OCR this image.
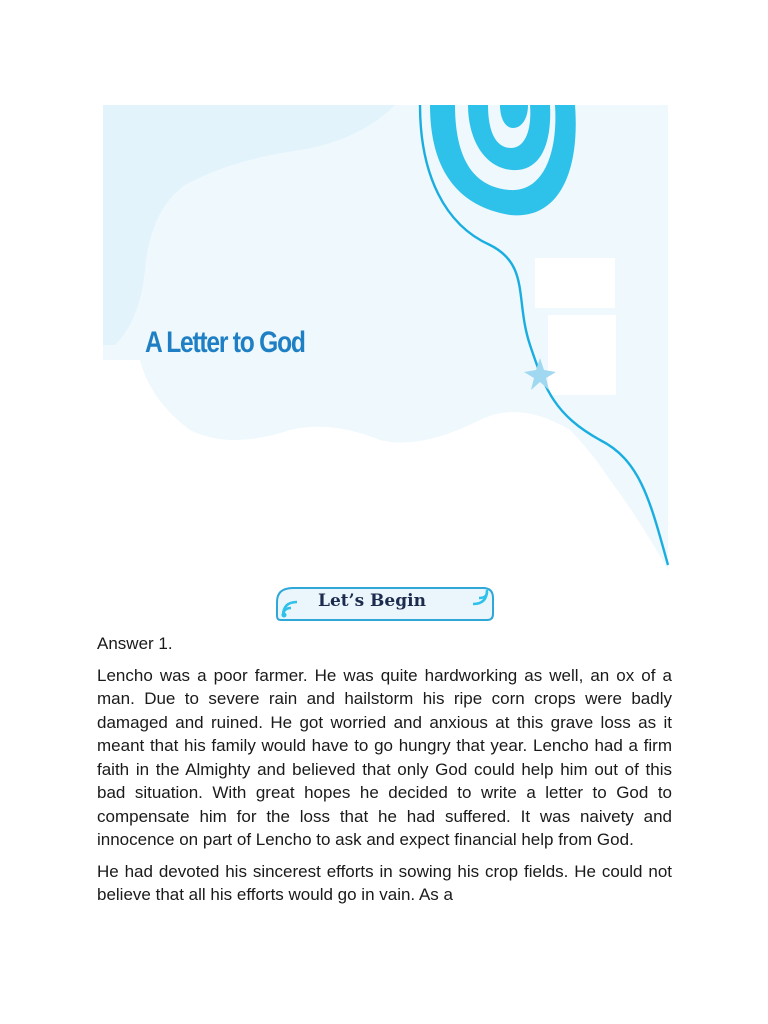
A Letter to God
Let’s Begin

Answer 1.

Lencho was a poor farmer. He was quite hardworking as well, an ox of a man. Due to severe rain and hailstorm his ripe corn crops were badly damaged and ruined. He got worried and anxious at this grave loss as it meant that his family would have to go hungry that year. Lencho had a firm faith in the Almighty and believed that only God could help him out of this bad situation. With great hopes he decided to write a letter to God to compensate him for the loss that he had suffered. It was naivety and innocence on part of Lencho to ask and expect financial help from God.

He had devoted his sincerest efforts in sowing his crop fields. He could not believe that all his efforts would go in vain. As a
